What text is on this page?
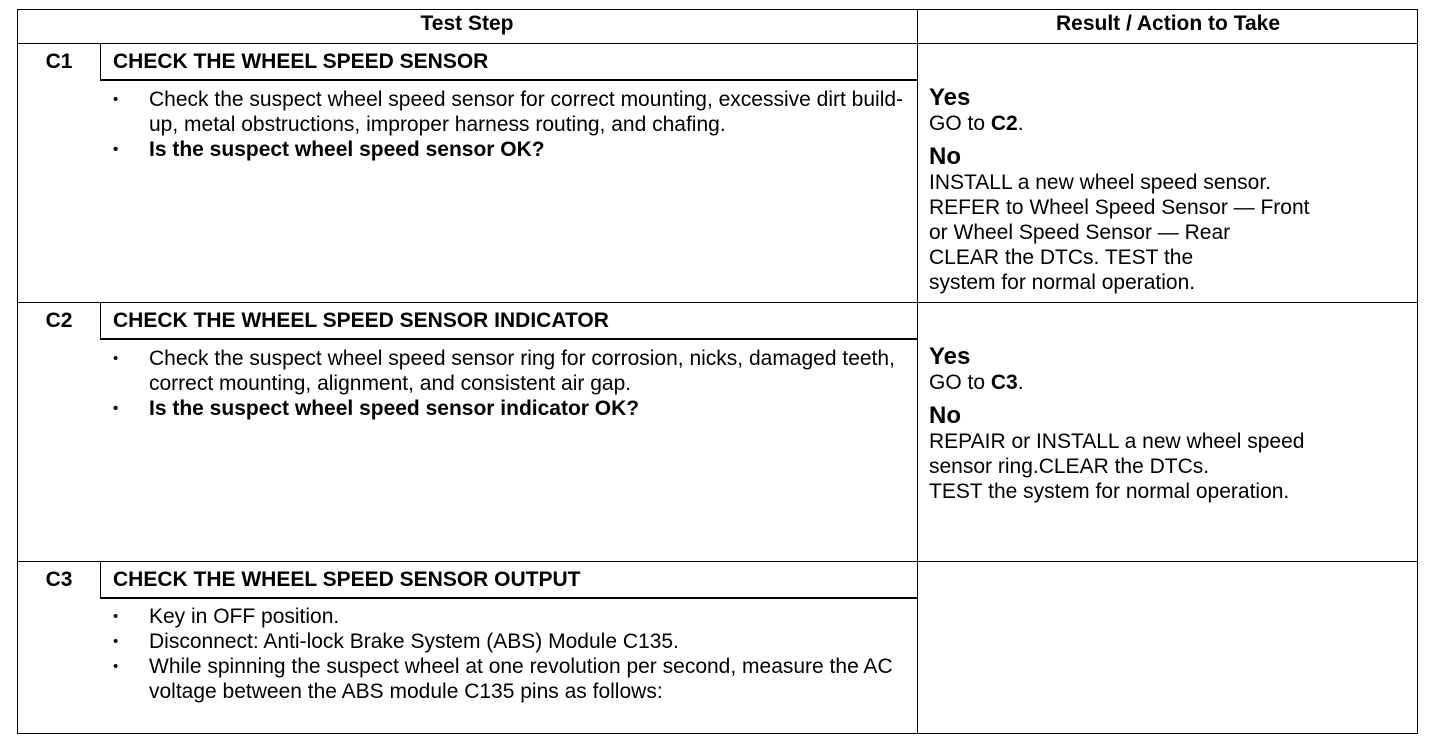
Test Step	Result / Action to Take
C1	CHECK THE WHEEL SPEED SENSOR
• Check the suspect wheel speed sensor for correct mounting, excessive dirt build-up, metal obstructions, improper harness routing, and chafing.
• Is the suspect wheel speed sensor OK?
Yes
GO to C2.
No
INSTALL a new wheel speed sensor.
REFER to Wheel Speed Sensor — Front
or Wheel Speed Sensor — Rear
CLEAR the DTCs. TEST the
system for normal operation.
C2	CHECK THE WHEEL SPEED SENSOR INDICATOR
• Check the suspect wheel speed sensor ring for corrosion, nicks, damaged teeth, correct mounting, alignment, and consistent air gap.
• Is the suspect wheel speed sensor indicator OK?
Yes
GO to C3.
No
REPAIR or INSTALL a new wheel speed
sensor ring.CLEAR the DTCs.
TEST the system for normal operation.
C3	CHECK THE WHEEL SPEED SENSOR OUTPUT
• Key in OFF position.
• Disconnect: Anti-lock Brake System (ABS) Module C135.
• While spinning the suspect wheel at one revolution per second, measure the AC voltage between the ABS module C135 pins as follows:
